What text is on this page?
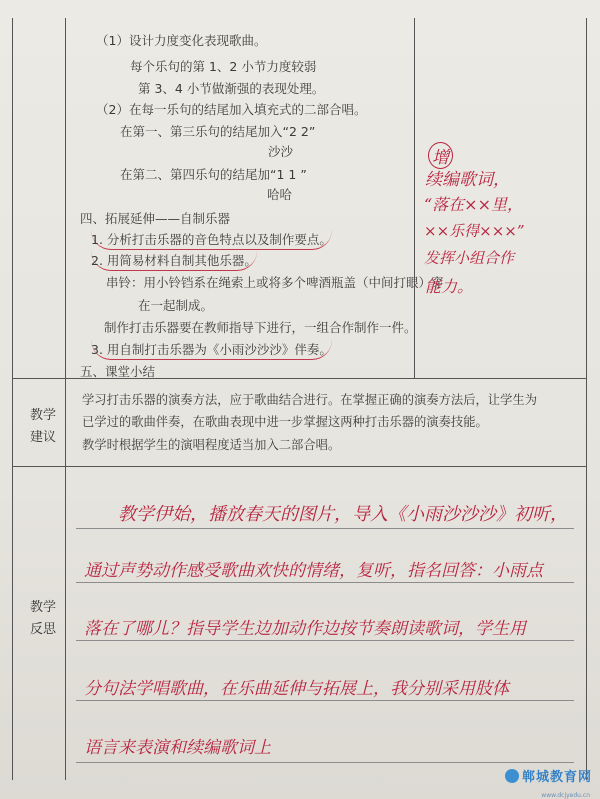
（1）设计力度变化表现歌曲。
每个乐句的第 1、2 小节力度较弱
第 3、4 小节做渐强的表现处理。
（2）在每一乐句的结尾加入填充式的二部合唱。
在第一、第三乐句的结尾加入“2 2”
沙沙
在第二、第四乐句的结尾加“1 1 ”
哈哈
四、拓展延伸——自制乐器
1. 分析打击乐器的音色特点以及制作要点。
2. 用简易材料自制其他乐器。
串铃：用小铃铛系在绳索上或将多个啤酒瓶盖（中间打眼）穿
在一起制成。
制作打击乐器要在教师指导下进行，一组合作制作一件。
3. 用自制打击乐器为《小雨沙沙沙》伴奏。
五、课堂小结
增
续编歌词，
“落在××里，
××乐得×××”
发挥小组合作
能力。
教学
建议
学习打击乐器的演奏方法，应于歌曲结合进行。在掌握正确的演奏方法后，让学生为
已学过的歌曲伴奏，在歌曲表现中进一步掌握这两种打击乐器的演奏技能。
教学时根据学生的演唱程度适当加入二部合唱。
教学
反思
教学伊始，播放春天的图片，导入《小雨沙沙沙》初听，
通过声势动作感受歌曲欢快的情绪，复听，指名回答：小雨点
落在了哪儿？指导学生边加动作边按节奏朗读歌词，学生用
分句法学唱歌曲，在乐曲延伸与拓展上，我分别采用肢体
语言来表演和续编歌词上
郸城教育网
www.dcjyedu.cn
